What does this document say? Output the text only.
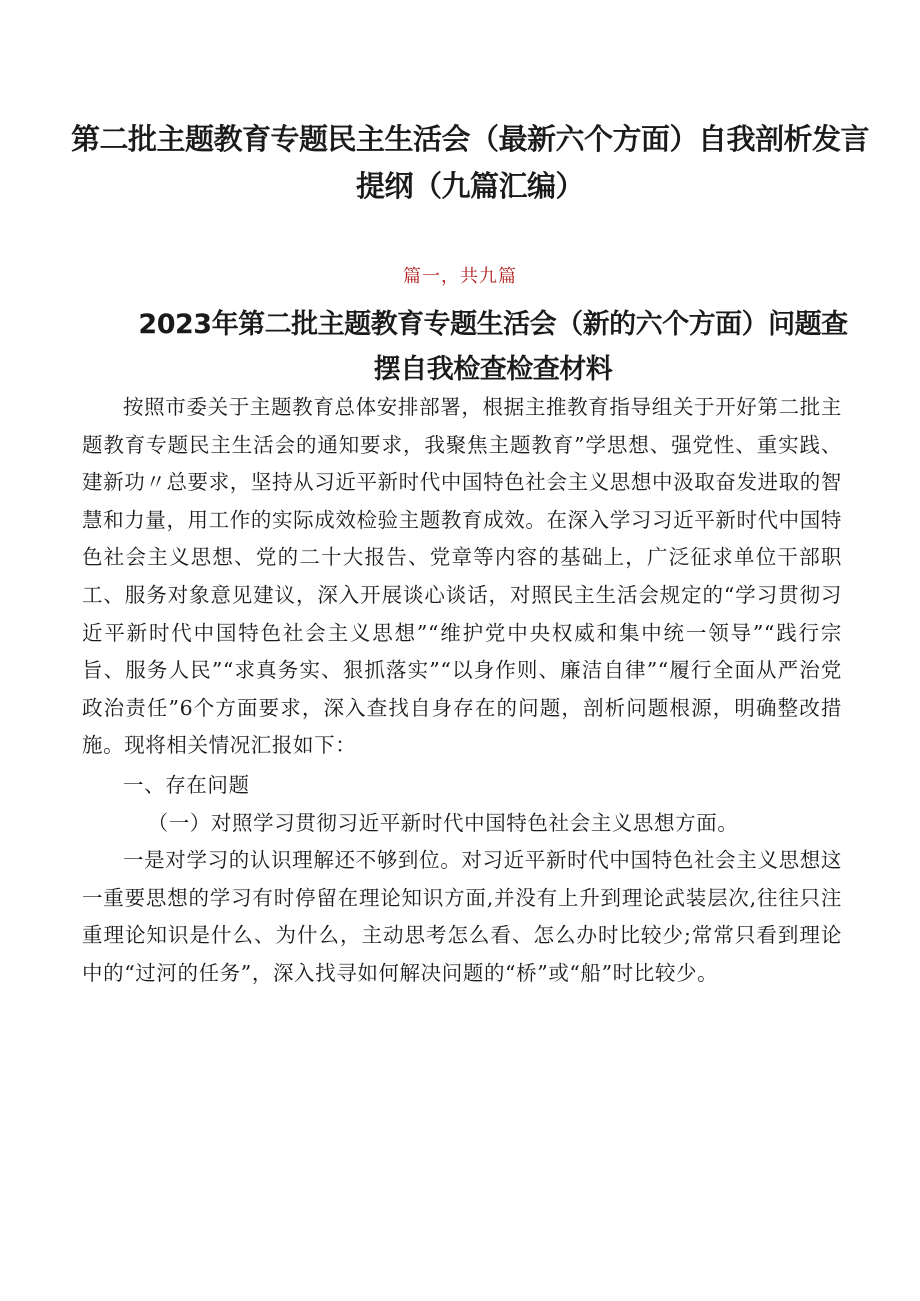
第二批主题教育专题民主生活会（最新六个方面）自我剖析发言提纲（九篇汇编）
篇一，共九篇
2023年第二批主题教育专题生活会（新的六个方面）问题查摆自我检查检查材料

按照市委关于主题教育总体安排部署，根据主推教育指导组关于开好第二批主题教育专题民主生活会的通知要求，我聚焦主题教育”学思想、强党性、重实践、建新功〃总要求，坚持从习近平新时代中国特色社会主义思想中汲取奋发进取的智慧和力量，用工作的实际成效检验主题教育成效。在深入学习习近平新时代中国特色社会主义思想、党的二十大报告、党章等内容的基础上，广泛征求单位干部职工、服务对象意见建议，深入开展谈心谈话，对照民主生活会规定的“学习贯彻习近平新时代中国特色社会主义思想”“维护党中央权威和集中统一领导”“践行宗旨、服务人民”“求真务实、狠抓落实”“以身作则、廉洁自律”“履行全面从严治党政治责任”6个方面要求，深入查找自身存在的问题，剖析问题根源，明确整改措施。现将相关情况汇报如下：

一、存在问题

（一）对照学习贯彻习近平新时代中国特色社会主义思想方面。

一是对学习的认识理解还不够到位。对习近平新时代中国特色社会主义思想这一重要思想的学习有时停留在理论知识方面,并没有上升到理论武装层次,往往只注重理论知识是什么、为什么，主动思考怎么看、怎么办时比较少;常常只看到理论中的“过河的任务”，深入找寻如何解决问题的“桥”或“船”时比较少。
